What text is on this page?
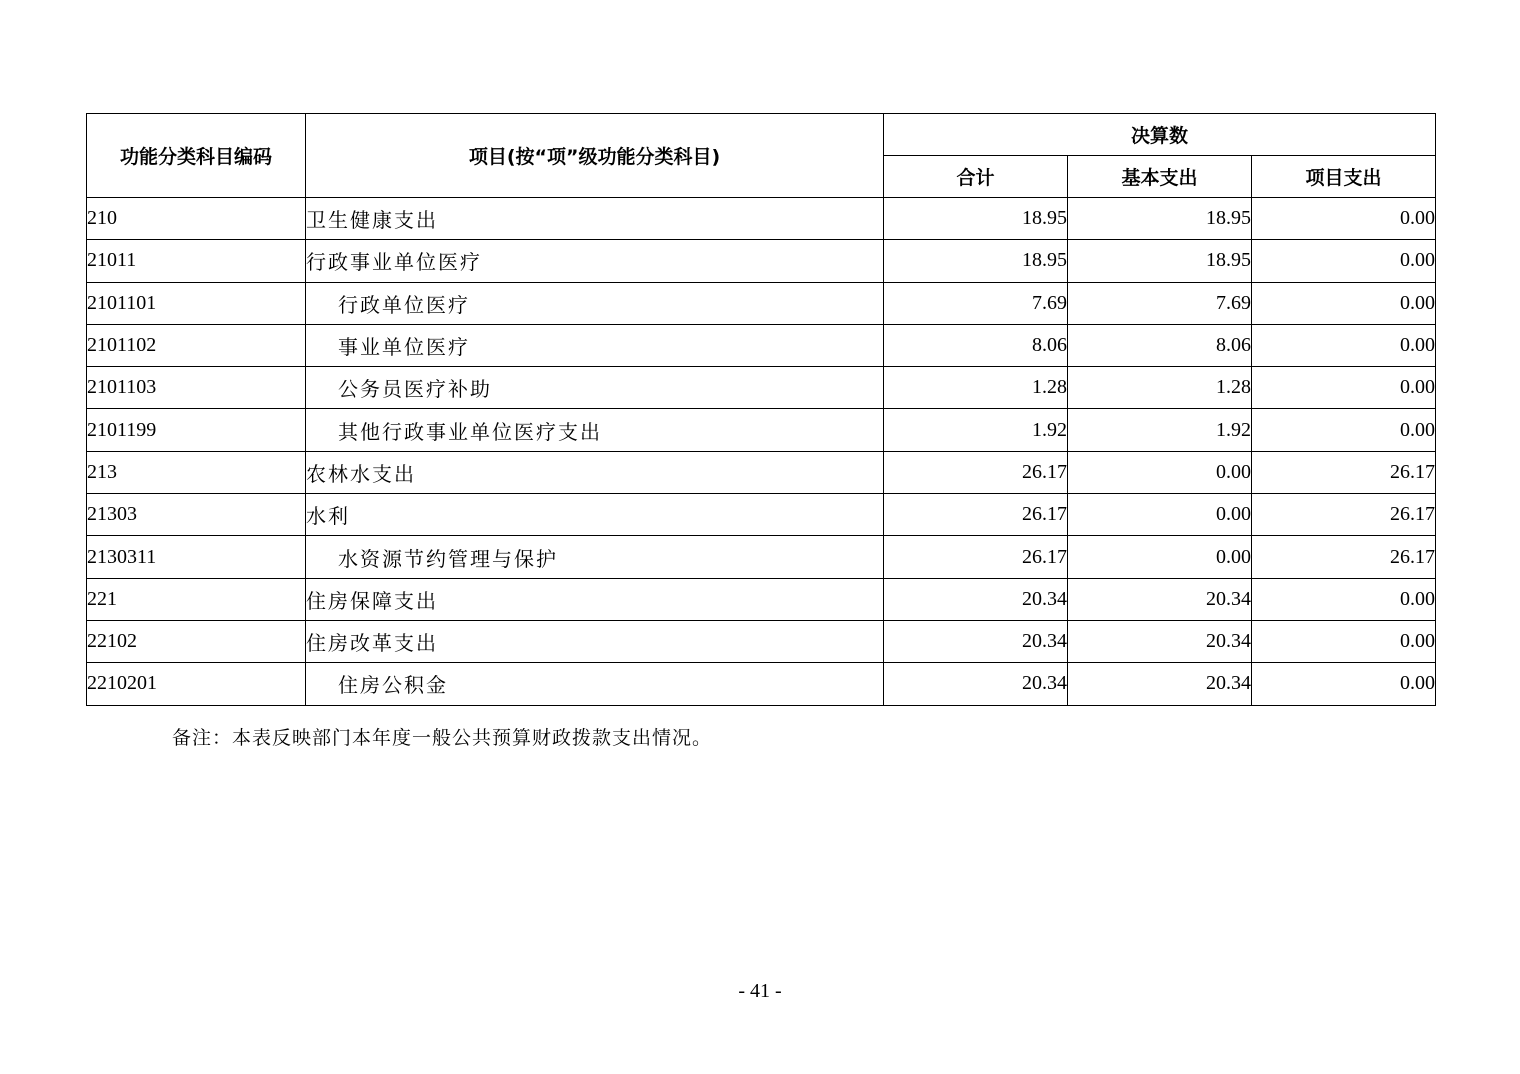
功能分类科目编码	项目(按“项”级功能分类科目)	决算数		
		合计	基本支出	项目支出
210	卫生健康支出	18.95	18.95	0.00
21011	行政事业单位医疗	18.95	18.95	0.00
2101101	行政单位医疗	7.69	7.69	0.00
2101102	事业单位医疗	8.06	8.06	0.00
2101103	公务员医疗补助	1.28	1.28	0.00
2101199	其他行政事业单位医疗支出	1.92	1.92	0.00
213	农林水支出	26.17	0.00	26.17
21303	水利	26.17	0.00	26.17
2130311	水资源节约管理与保护	26.17	0.00	26.17
221	住房保障支出	20.34	20.34	0.00
22102	住房改革支出	20.34	20.34	0.00
2210201	住房公积金	20.34	20.34	0.00
备注：本表反映部门本年度一般公共预算财政拨款支出情况。
- 41 -
